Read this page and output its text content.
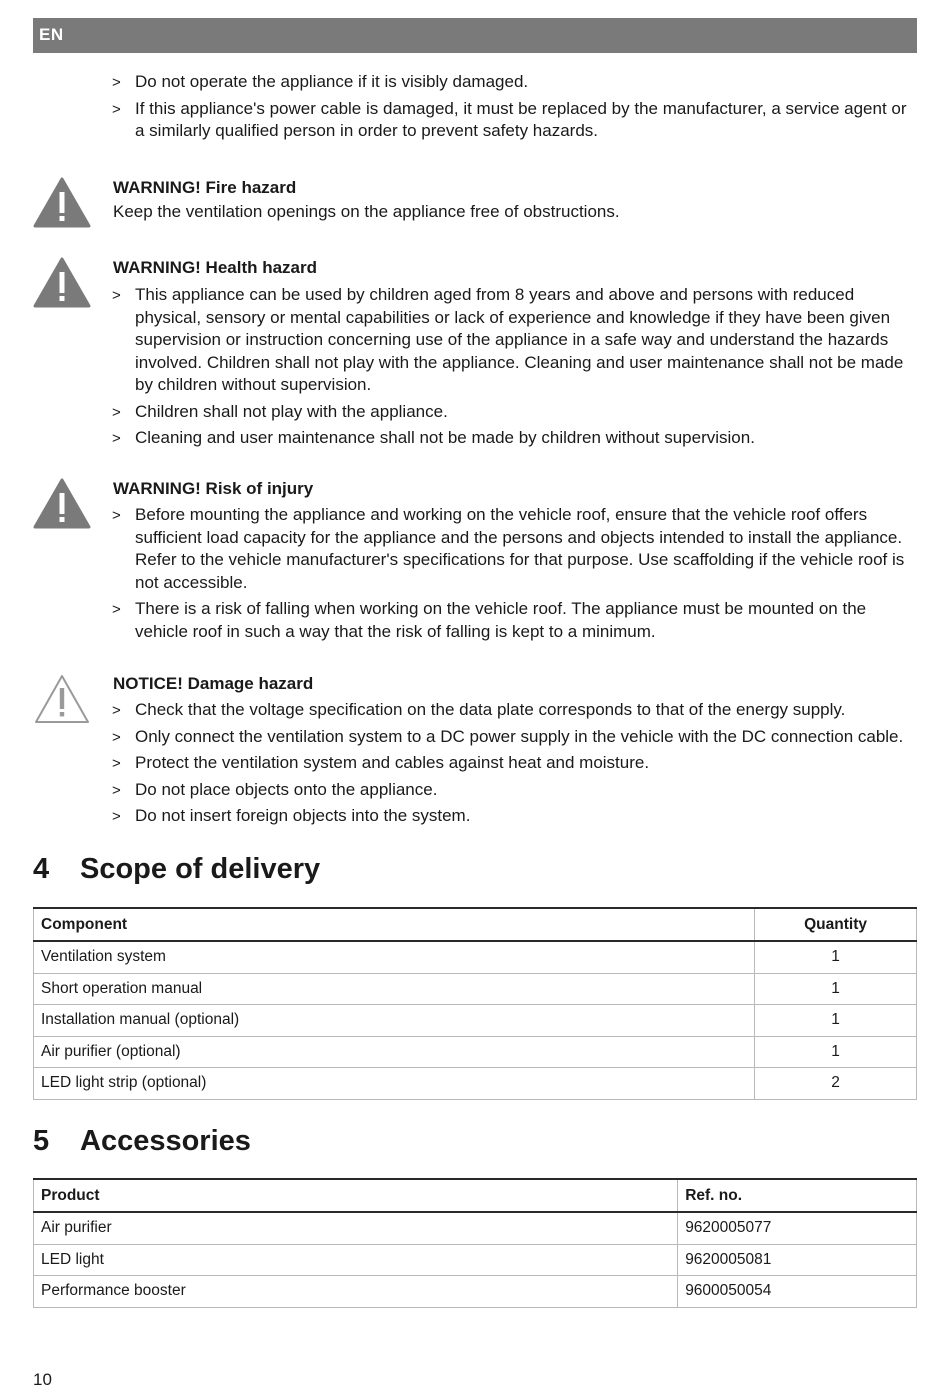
EN
> Do not operate the appliance if it is visibly damaged.
> If this appliance's power cable is damaged, it must be replaced by the manufacturer, a service agent or a similarly qualified person in order to prevent safety hazards.
WARNING! Fire hazard
Keep the ventilation openings on the appliance free of obstructions.
WARNING! Health hazard
> This appliance can be used by children aged from 8 years and above and persons with reduced physical, sensory or mental capabilities or lack of experience and knowledge if they have been given supervision or instruction concerning use of the appliance in a safe way and understand the hazards involved. Children shall not play with the appliance. Cleaning and user maintenance shall not be made by children without supervision.
> Children shall not play with the appliance.
> Cleaning and user maintenance shall not be made by children without supervision.
WARNING! Risk of injury
> Before mounting the appliance and working on the vehicle roof, ensure that the vehicle roof offers sufficient load capacity for the appliance and the persons and objects intended to install the appliance. Refer to the vehicle manufacturer's specifications for that purpose. Use scaffolding if the vehicle roof is not accessible.
> There is a risk of falling when working on the vehicle roof. The appliance must be mounted on the vehicle roof in such a way that the risk of falling is kept to a minimum.
NOTICE! Damage hazard
> Check that the voltage specification on the data plate corresponds to that of the energy supply.
> Only connect the ventilation system to a DC power supply in the vehicle with the DC connection cable.
> Protect the ventilation system and cables against heat and moisture.
> Do not place objects onto the appliance.
> Do not insert foreign objects into the system.
4 Scope of delivery
Component	Quantity
Ventilation system	1
Short operation manual	1
Installation manual (optional)	1
Air purifier (optional)	1
LED light strip (optional)	2
5 Accessories
Product	Ref. no.
Air purifier	9620005077
LED light	9620005081
Performance booster	9600050054
10
